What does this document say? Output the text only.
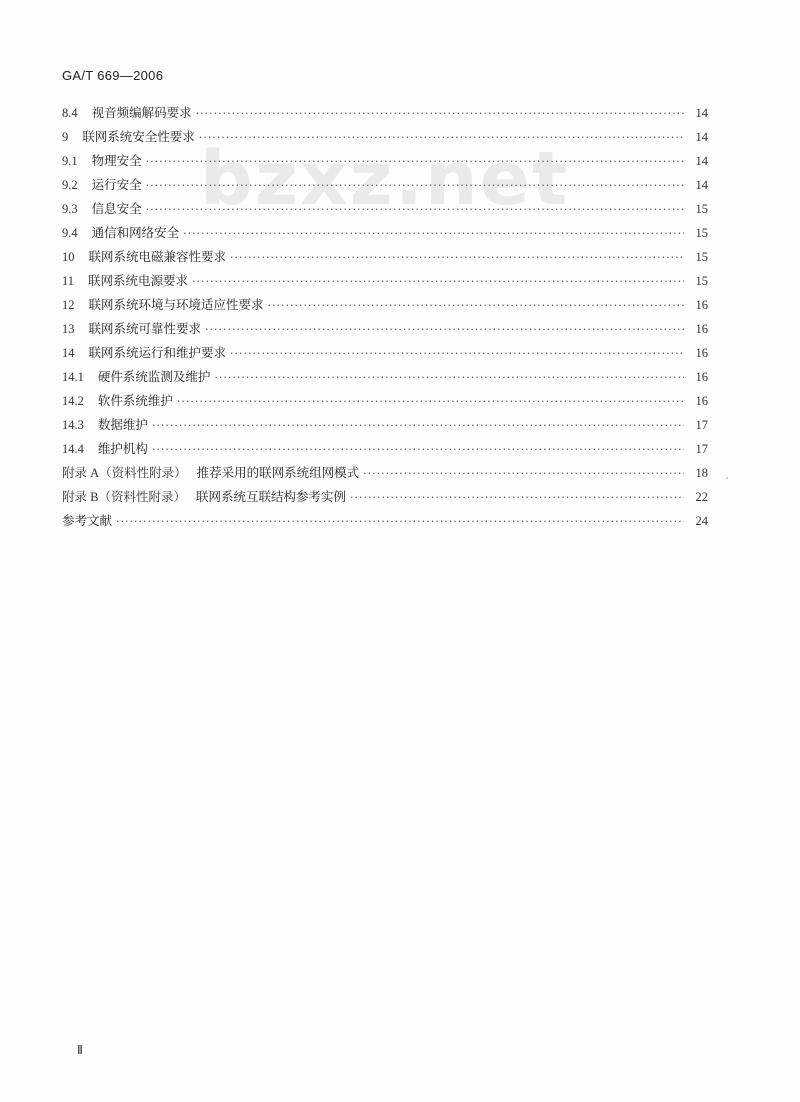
GA/T 669—2006
bzxz.net
8.4 视音频编解码要求 ·····	14
9 联网系统安全性要求 ·····	14
9.1 物理安全 ·····	14
9.2 运行安全 ·····	14
9.3 信息安全 ·····	15
9.4 通信和网络安全 ·····	15
10 联网系统电磁兼容性要求 ·····	15
11 联网系统电源要求 ·····	15
12 联网系统环境与环境适应性要求 ·····	16
13 联网系统可靠性要求 ·····	16
14 联网系统运行和维护要求 ·····	16
14.1 硬件系统监测及维护 ·····	16
14.2 软件系统维护 ·····	16
14.3 数据维护 ·····	17
14.4 维护机构 ·····	17
附录 A（资料性附录） 推荐采用的联网系统组网模式 ·····	18
附录 B（资料性附录） 联网系统互联结构参考实例 ·····	22
参考文献 ·····	24
Ⅱ
